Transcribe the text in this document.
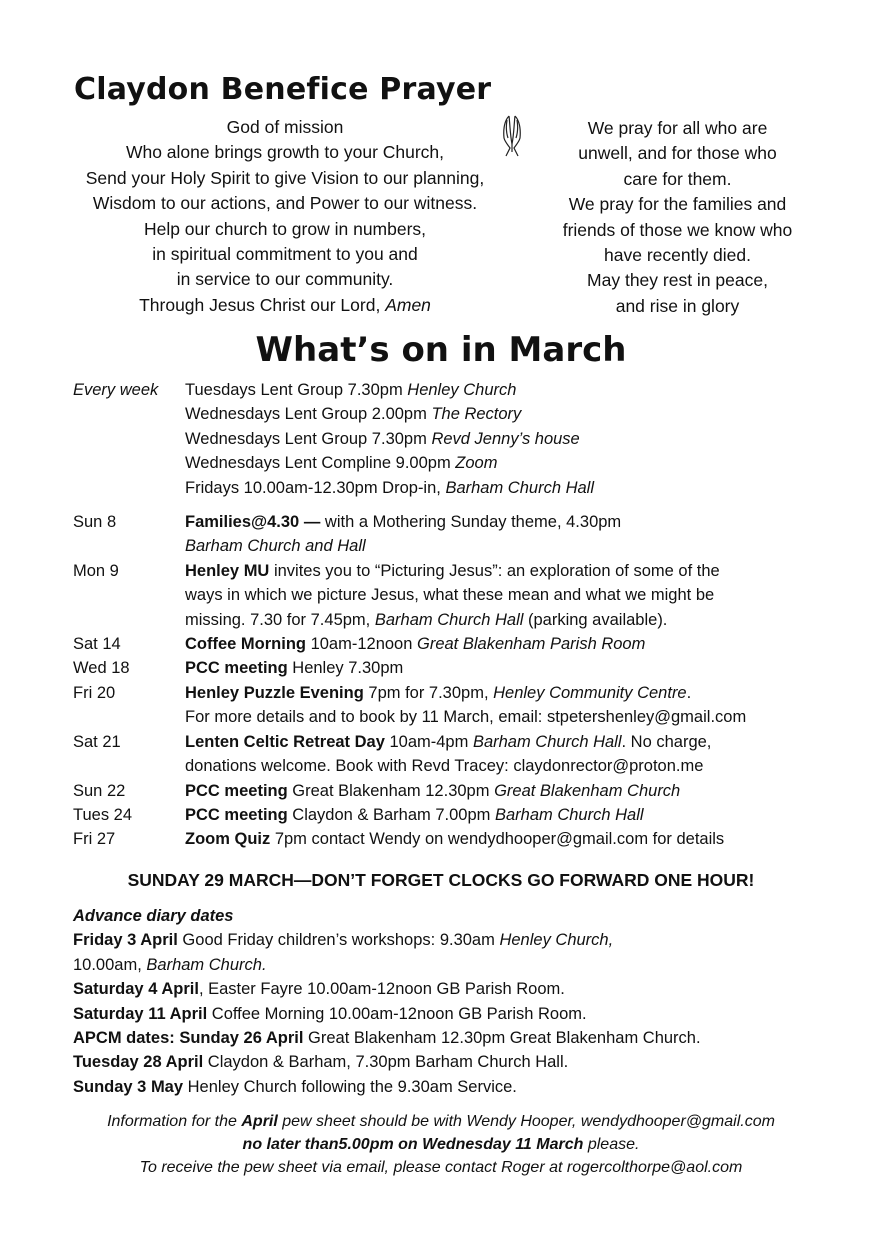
Claydon Benefice Prayer
God of mission
Who alone brings growth to your Church,
Send your Holy Spirit to give Vision to our planning,
Wisdom to our actions, and Power to our witness.
Help our church to grow in numbers,
in spiritual commitment to you and
in service to our community.
Through Jesus Christ our Lord, Amen
We pray for all who are
unwell, and for those who
care for them.
We pray for the families and
friends of those we know who
have recently died.
May they rest in peace,
and rise in glory
What’s on in March
Every week	Tuesdays Lent Group 7.30pm Henley Church
Wednesdays Lent Group 2.00pm The Rectory
Wednesdays Lent Group 7.30pm Revd Jenny’s house
Wednesdays Lent Compline 9.00pm Zoom
Fridays 10.00am-12.30pm Drop-in, Barham Church Hall
Sun 8	Families@4.30 — with a Mothering Sunday theme, 4.30pm
Barham Church and Hall
Mon 9	Henley MU invites you to “Picturing Jesus”: an exploration of some of the
ways in which we picture Jesus, what these mean and what we might be
missing. 7.30 for 7.45pm, Barham Church Hall (parking available).
Sat 14	Coffee Morning 10am-12noon Great Blakenham Parish Room
Wed 18	PCC meeting Henley 7.30pm
Fri 20	Henley Puzzle Evening 7pm for 7.30pm, Henley Community Centre.
For more details and to book by 11 March, email: stpetershenley@gmail.com
Sat 21	Lenten Celtic Retreat Day 10am-4pm Barham Church Hall. No charge,
donations welcome. Book with Revd Tracey: claydonrector@proton.me
Sun 22	PCC meeting Great Blakenham 12.30pm Great Blakenham Church
Tues 24	PCC meeting Claydon & Barham 7.00pm Barham Church Hall
Fri 27	Zoom Quiz 7pm contact Wendy on wendydhooper@gmail.com for details
SUNDAY 29 MARCH—DON’T FORGET CLOCKS GO FORWARD ONE HOUR!
Advance diary dates
Friday 3 April Good Friday children’s workshops: 9.30am Henley Church,
10.00am, Barham Church.
Saturday 4 April, Easter Fayre 10.00am-12noon GB Parish Room.
Saturday 11 April Coffee Morning 10.00am-12noon GB Parish Room.
APCM dates: Sunday 26 April Great Blakenham 12.30pm Great Blakenham Church.
Tuesday 28 April Claydon & Barham, 7.30pm Barham Church Hall.
Sunday 3 May Henley Church following the 9.30am Service.
Information for the April pew sheet should be with Wendy Hooper, wendydhooper@gmail.com
no later than5.00pm on Wednesday 11 March please.
To receive the pew sheet via email, please contact Roger at rogercolthorpe@aol.com
